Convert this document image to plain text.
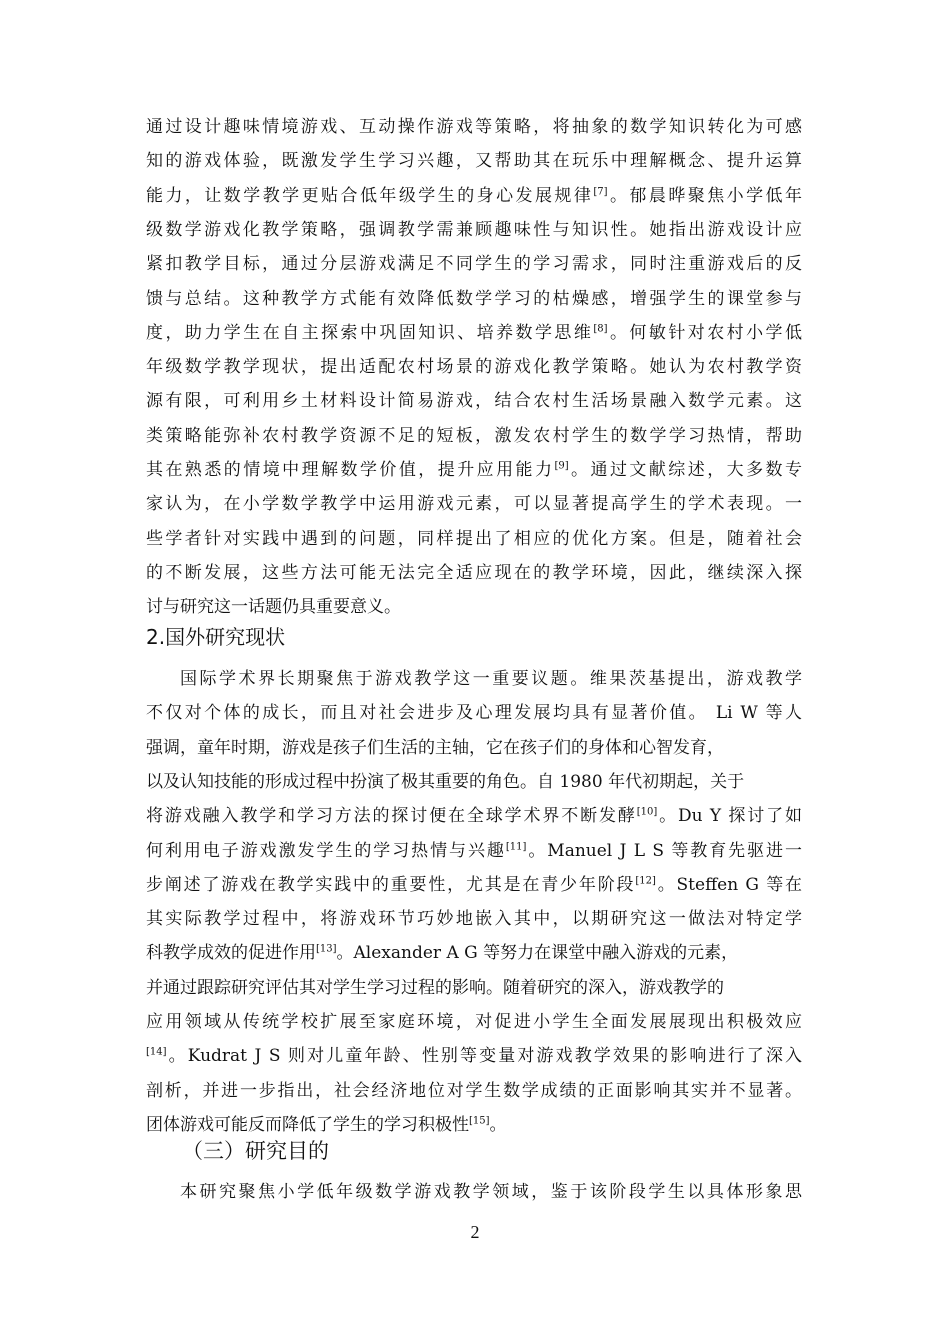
通过设计趣味情境游戏、互动操作游戏等策略，将抽象的数学知识转化为可感
知的游戏体验，既激发学生学习兴趣，又帮助其在玩乐中理解概念、提升运算
能力，让数学教学更贴合低年级学生的身心发展规律[7]。郁晨晔聚焦小学低年
级数学游戏化教学策略，强调教学需兼顾趣味性与知识性。她指出游戏设计应
紧扣教学目标，通过分层游戏满足不同学生的学习需求，同时注重游戏后的反
馈与总结。这种教学方式能有效降低数学学习的枯燥感，增强学生的课堂参与
度，助力学生在自主探索中巩固知识、培养数学思维[8]。何敏针对农村小学低
年级数学教学现状，提出适配农村场景的游戏化教学策略。她认为农村教学资
源有限，可利用乡土材料设计简易游戏，结合农村生活场景融入数学元素。这
类策略能弥补农村教学资源不足的短板，激发农村学生的数学学习热情，帮助
其在熟悉的情境中理解数学价值，提升应用能力[9]。通过文献综述，大多数专
家认为，在小学数学教学中运用游戏元素，可以显著提高学生的学术表现。一
些学者针对实践中遇到的问题，同样提出了相应的优化方案。但是，随着社会
的不断发展，这些方法可能无法完全适应现在的教学环境，因此，继续深入探
讨与研究这一话题仍具重要意义。
2.国外研究现状
国际学术界长期聚焦于游戏教学这一重要议题。维果茨基提出，游戏教学
不仅对个体的成长，而且对社会进步及心理发展均具有显著价值。 Li W 等人
强调，童年时期，游戏是孩子们生活的主轴，它在孩子们的身体和心智发育，
以及认知技能的形成过程中扮演了极其重要的角色。自 1980 年代初期起，关于
将游戏融入教学和学习方法的探讨便在全球学术界不断发酵[10]。Du Y 探讨了如
何利用电子游戏激发学生的学习热情与兴趣[11]。Manuel J L S 等教育先驱进一
步阐述了游戏在教学实践中的重要性，尤其是在青少年阶段[12]。Steffen G 等在
其实际教学过程中，将游戏环节巧妙地嵌入其中，以期研究这一做法对特定学
科教学成效的促进作用[13]。Alexander A G 等努力在课堂中融入游戏的元素，
并通过跟踪研究评估其对学生学习过程的影响。随着研究的深入，游戏教学的
应用领域从传统学校扩展至家庭环境，对促进小学生全面发展展现出积极效应
[14]。Kudrat J S 则对儿童年龄、性别等变量对游戏教学效果的影响进行了深入
剖析，并进一步指出，社会经济地位对学生数学成绩的正面影响其实并不显著。
团体游戏可能反而降低了学生的学习积极性[15]。
（三）研究目的
本研究聚焦小学低年级数学游戏教学领域，鉴于该阶段学生以具体形象思
2
